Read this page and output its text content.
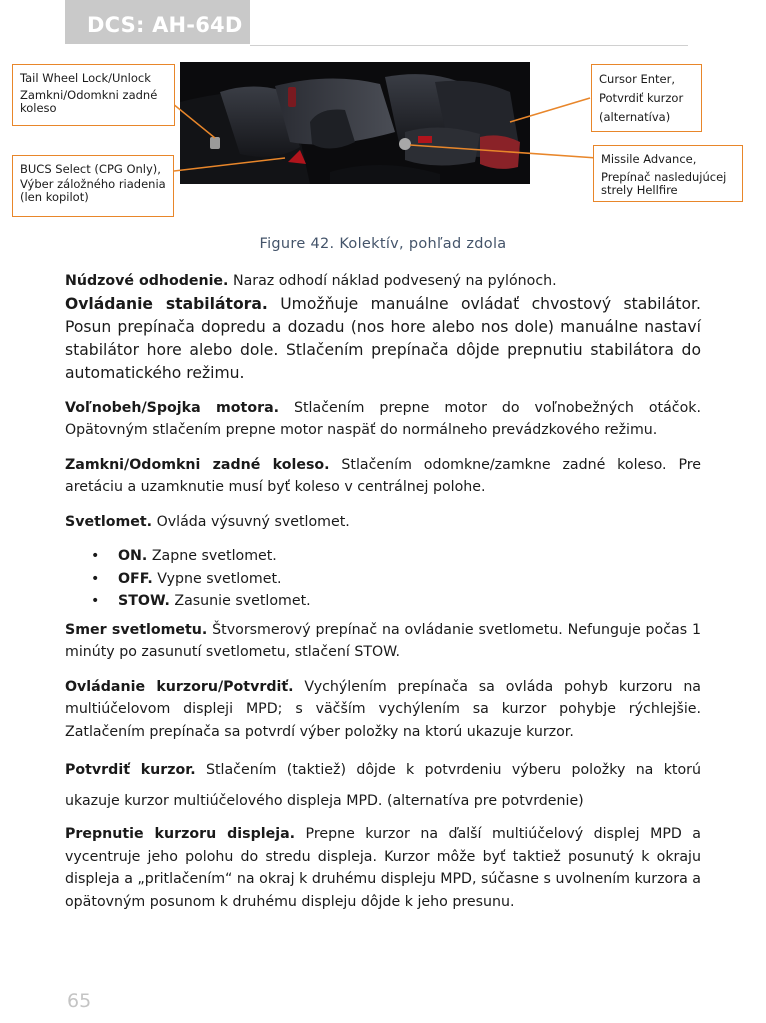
DCS: AH-64D
Tail Wheel Lock/Unlock
Zamkni/Odomkni zadné koleso
BUCS Select (CPG Only),
Výber záložného riadenia (len kopilot)
Cursor Enter,
Potvrdiť kurzor
(alternatíva)
Missile Advance,
Prepínač nasledujúcej strely Hellfire
Figure 42. Kolektív, pohľad zdola

Núdzové odhodenie. Naraz odhodí náklad podvesený na pylónoch.

Ovládanie stabilátora. Umožňuje manuálne ovládať chvostový stabilátor. Posun prepínača dopredu a dozadu (nos hore alebo nos dole) manuálne nastaví stabilátor hore alebo dole. Stlačením prepínača dôjde prepnutiu stabilátora do automatického režimu.

Voľnobeh/Spojka motora. Stlačením prepne motor do voľnobežných otáčok. Opätovným stlačením prepne motor naspäť do normálneho prevádzkového režimu.

Zamkni/Odomkni zadné koleso. Stlačením odomkne/zamkne zadné koleso. Pre aretáciu a uzamknutie musí byť koleso v centrálnej polohe.

Svetlomet. Ovláda výsuvný svetlomet.

• ON. Zapne svetlomet.
• OFF. Vypne svetlomet.
• STOW. Zasunie svetlomet.

Smer svetlometu. Štvorsmerový prepínač na ovládanie svetlometu. Nefunguje počas 1 minúty po zasunutí svetlometu, stlačení STOW.

Ovládanie kurzoru/Potvrdiť. Vychýlením prepínača sa ovláda pohyb kurzoru na multiúčelovom displeji MPD; s väčším vychýlením sa kurzor pohybje rýchlejšie. Zatlačením prepínača sa potvrdí výber položky na ktorú ukazuje kurzor.

Potvrdiť kurzor. Stlačením (taktiež) dôjde k potvrdeniu výberu položky na ktorú ukazuje kurzor multiúčelového displeja MPD. (alternatíva pre potvrdenie)

Prepnutie kurzoru displeja. Prepne kurzor na ďalší multiúčelový displej MPD a vycentruje jeho polohu do stredu displeja. Kurzor môže byť taktiež posunutý k okraju displeja a „pritlačením“ na okraj k druhému displeju MPD, súčasne s uvolnením kurzora a opätovným posunom k druhému displeju dôjde k jeho presunu.

65
